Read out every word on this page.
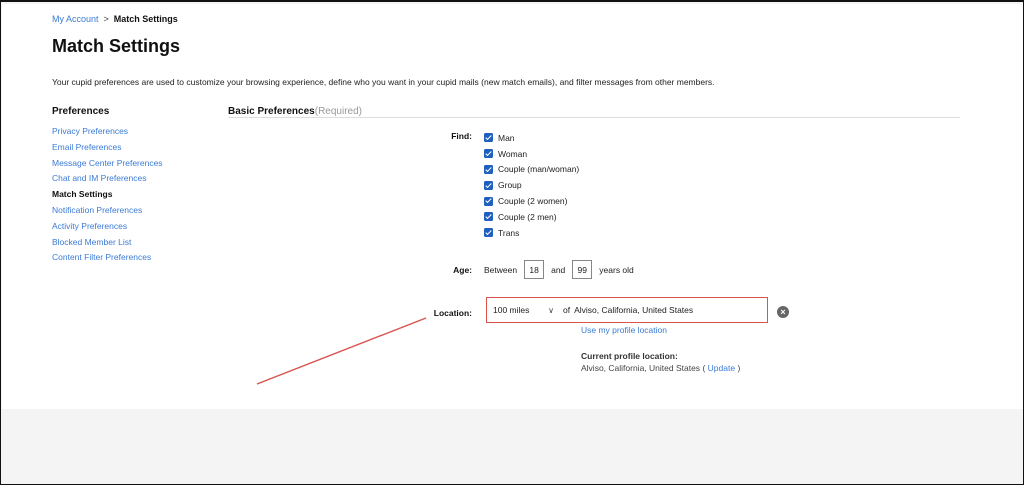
My Account > Match Settings
Match Settings
Your cupid preferences are used to customize your browsing experience, define who you want in your cupid mails (new match emails), and filter messages from other members.
Preferences
Privacy Preferences
Email Preferences
Message Center Preferences
Chat and IM Preferences
Match Settings
Notification Preferences
Activity Preferences
Blocked Member List
Content Filter Preferences
Basic Preferences(Required)
Find:	Man
Woman
Couple (man/woman)
Group
Couple (2 women)
Couple (2 men)
Trans
Age: Between	18	and	99	years old
Location: 100 miles ∨ of Alviso, California, United States	×
Use my profile location
Current profile location:
Alviso, California, United States ( Update )
